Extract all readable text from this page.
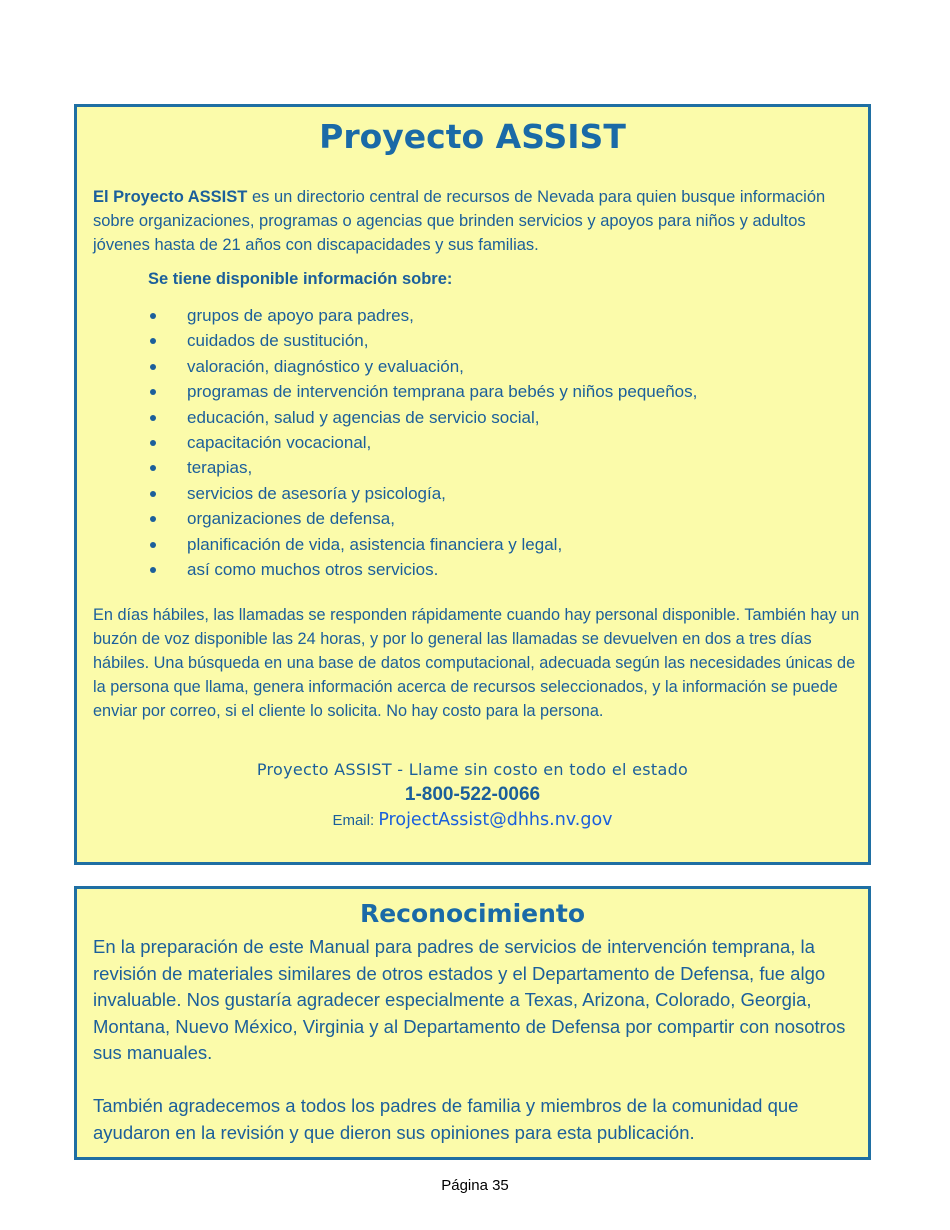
Proyecto ASSIST
El Proyecto ASSIST es un directorio central de recursos de Nevada para quien busque información sobre organizaciones, programas o agencias que brinden servicios y apoyos para niños y adultos jóvenes hasta de 21 años con discapacidades y sus familias.
Se tiene disponible información sobre:
grupos de apoyo para padres,
cuidados de sustitución,
valoración, diagnóstico y evaluación,
programas de intervención temprana para bebés y niños pequeños,
educación, salud y agencias de servicio social,
capacitación vocacional,
terapias,
servicios de asesoría y psicología,
organizaciones de defensa,
planificación de vida, asistencia financiera y legal,
así como muchos otros servicios.
En días hábiles, las llamadas se responden rápidamente cuando hay personal disponible. También hay un buzón de voz disponible las 24 horas, y por lo general las llamadas se devuelven en dos a tres días hábiles. Una búsqueda en una base de datos computacional, adecuada según las necesidades únicas de la persona que llama, genera información acerca de recursos seleccionados, y la información se puede enviar por correo, si el cliente lo solicita. No hay costo para la persona.
Proyecto ASSIST - Llame sin costo en todo el estado
1-800-522-0066
Email: ProjectAssist@dhhs.nv.gov
Reconocimiento
En la preparación de este Manual para padres de servicios de intervención temprana, la revisión de materiales similares de otros estados y el Departamento de Defensa, fue algo invaluable. Nos gustaría agradecer especialmente a Texas, Arizona, Colorado, Georgia, Montana, Nuevo México, Virginia y al Departamento de Defensa por compartir con nosotros sus manuales.
También agradecemos a todos los padres de familia y miembros de la comunidad que ayudaron en la revisión y que dieron sus opiniones para esta publicación.
Página 35
